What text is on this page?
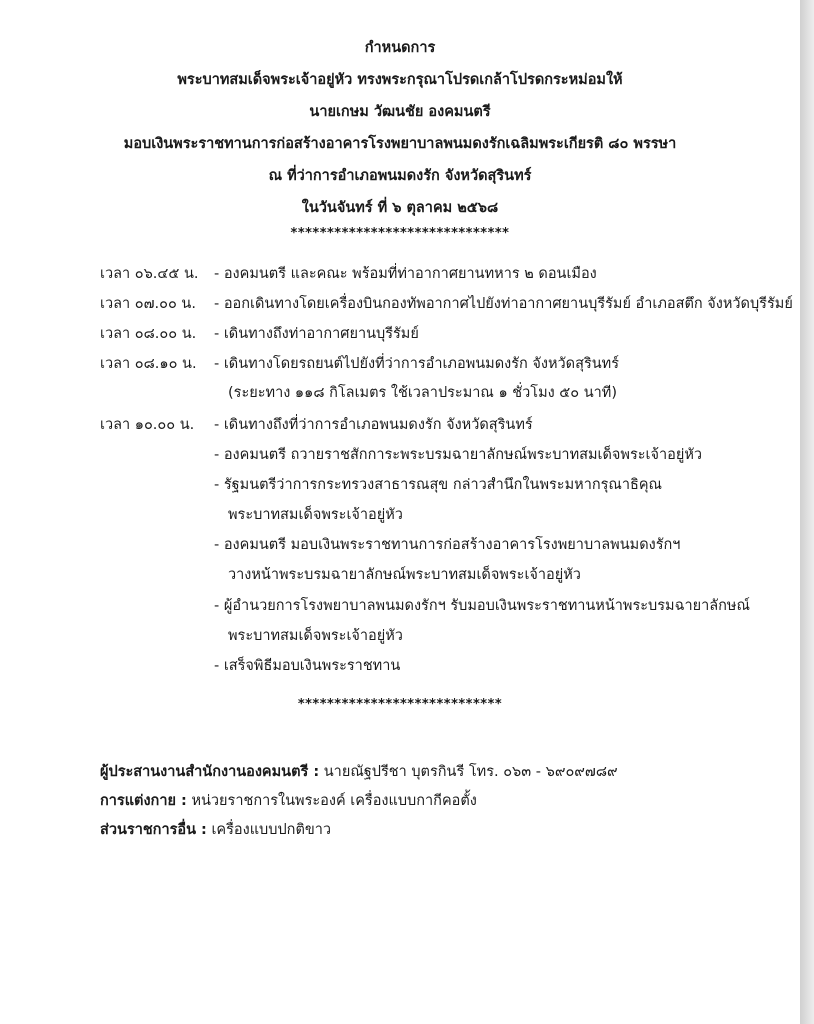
กำหนดการ
พระบาทสมเด็จพระเจ้าอยู่หัว ทรงพระกรุณาโปรดเกล้าโปรดกระหม่อมให้
นายเกษม วัฒนชัย องคมนตรี
มอบเงินพระราชทานการก่อสร้างอาคารโรงพยาบาลพนมดงรักเฉลิมพระเกียรติ ๘๐ พรรษา
ณ ที่ว่าการอำเภอพนมดงรัก จังหวัดสุรินทร์
ในวันจันทร์ ที่ ๖ ตุลาคม ๒๕๖๘
******************************
เวลา ๐๖.๔๕ น. - องคมนตรี และคณะ พร้อมที่ท่าอากาศยานทหาร ๒ ดอนเมือง
เวลา ๐๗.๐๐ น. - ออกเดินทางโดยเครื่องบินกองทัพอากาศไปยังท่าอากาศยานบุรีรัมย์ อำเภอสตึก จังหวัดบุรีรัมย์
เวลา ๐๘.๐๐ น. - เดินทางถึงท่าอากาศยานบุรีรัมย์
เวลา ๐๘.๑๐ น. - เดินทางโดยรถยนต์ไปยังที่ว่าการอำเภอพนมดงรัก จังหวัดสุรินทร์
(ระยะทาง ๑๑๘ กิโลเมตร ใช้เวลาประมาณ ๑ ชั่วโมง ๕๐ นาที)
เวลา ๑๐.๐๐ น. - เดินทางถึงที่ว่าการอำเภอพนมดงรัก จังหวัดสุรินทร์
- องคมนตรี ถวายราชสักการะพระบรมฉายาลักษณ์พระบาทสมเด็จพระเจ้าอยู่หัว
- รัฐมนตรีว่าการกระทรวงสาธารณสุข กล่าวสำนึกในพระมหากรุณาธิคุณ
พระบาทสมเด็จพระเจ้าอยู่หัว
- องคมนตรี มอบเงินพระราชทานการก่อสร้างอาคารโรงพยาบาลพนมดงรักฯ
วางหน้าพระบรมฉายาลักษณ์พระบาทสมเด็จพระเจ้าอยู่หัว
- ผู้อำนวยการโรงพยาบาลพนมดงรักฯ รับมอบเงินพระราชทานหน้าพระบรมฉายาลักษณ์
พระบาทสมเด็จพระเจ้าอยู่หัว
- เสร็จพิธีมอบเงินพระราชทาน
****************************
ผู้ประสานงานสำนักงานองคมนตรี : นายณัฐปรีชา บุตรกินรี โทร. ๐๖๓ - ๖๙๐๙๗๘๙
การแต่งกาย : หน่วยราชการในพระองค์ เครื่องแบบกากีคอตั้ง
ส่วนราชการอื่น : เครื่องแบบปกติขาว
